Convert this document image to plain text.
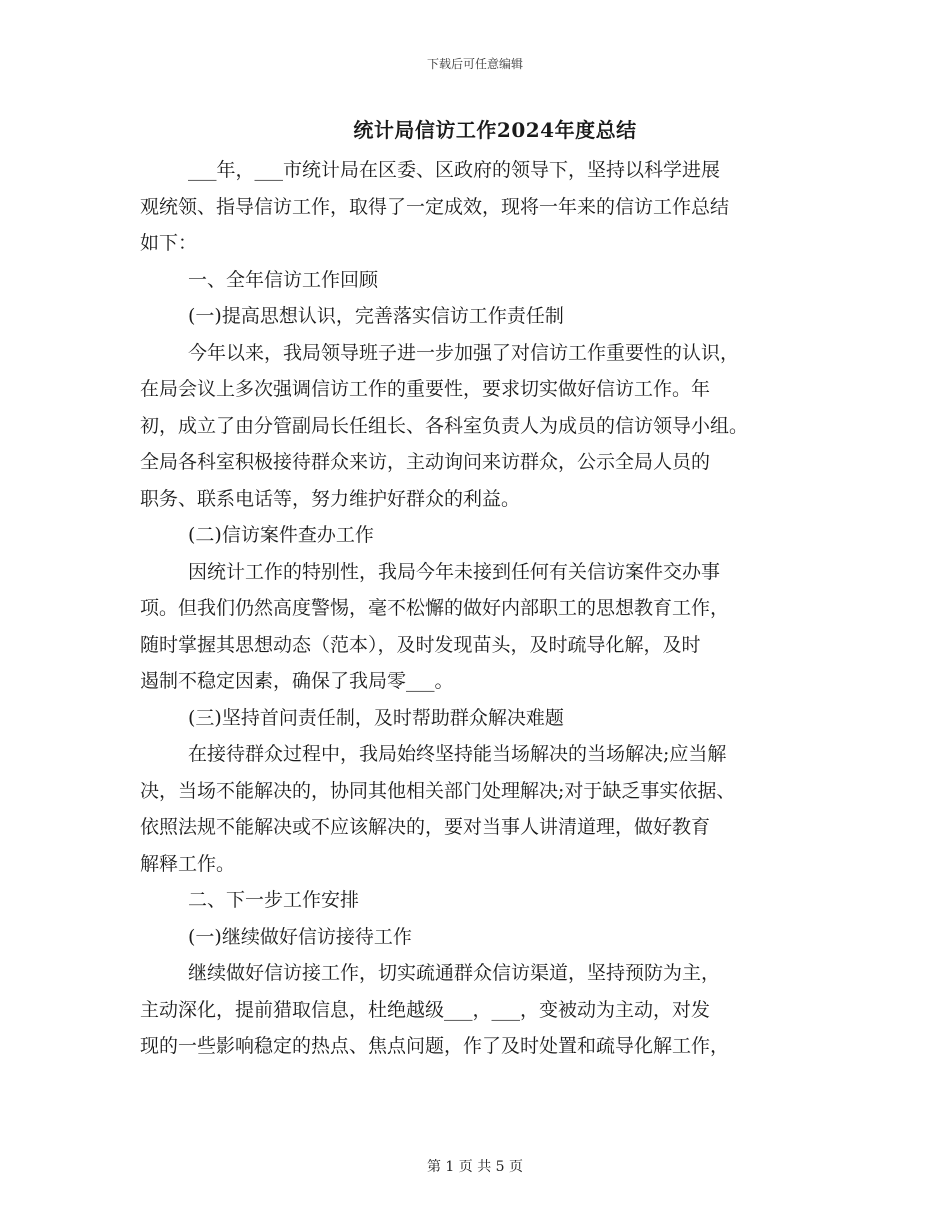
下载后可任意编辑
统计局信访工作2024年度总结
___年，___市统计局在区委、区政府的领导下，坚持以科学进展
观统领、指导信访工作，取得了一定成效，现将一年来的信访工作总结
如下：
一、全年信访工作回顾
(一)提高思想认识，完善落实信访工作责任制
今年以来，我局领导班子进一步加强了对信访工作重要性的认识，
在局会议上多次强调信访工作的重要性，要求切实做好信访工作。年
初，成立了由分管副局长任组长、各科室负责人为成员的信访领导小组。
全局各科室积极接待群众来访，主动询问来访群众，公示全局人员的
职务、联系电话等，努力维护好群众的利益。
(二)信访案件查办工作
因统计工作的特别性，我局今年未接到任何有关信访案件交办事
项。但我们仍然高度警惕，毫不松懈的做好内部职工的思想教育工作，
随时掌握其思想动态（范本），及时发现苗头，及时疏导化解，及时
遏制不稳定因素，确保了我局零___。
(三)坚持首问责任制，及时帮助群众解决难题
在接待群众过程中，我局始终坚持能当场解决的当场解决;应当解
决，当场不能解决的，协同其他相关部门处理解决;对于缺乏事实依据、
依照法规不能解决或不应该解决的，要对当事人讲清道理，做好教育
解释工作。
二、下一步工作安排
(一)继续做好信访接待工作
继续做好信访接工作，切实疏通群众信访渠道，坚持预防为主，
主动深化，提前猎取信息，杜绝越级___，___，变被动为主动，对发
现的一些影响稳定的热点、焦点问题，作了及时处置和疏导化解工作，
第 1 页 共 5 页
